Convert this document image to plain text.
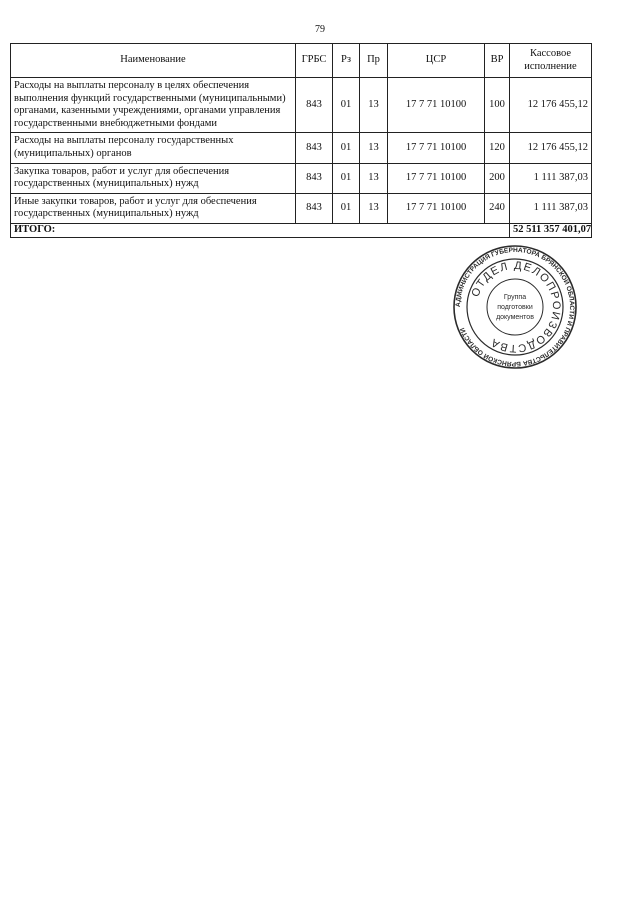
79
Наименование	ГРБС	Рз	Пр	ЦСР	ВР	Кассовое исполнение
Расходы на выплаты персоналу в целях обеспечения выполнения функций государственными (муниципальными) органами, казенными учреждениями, органами управления государственными внебюджетными фондами	843	01	13	17 7 71 10100	100	12 176 455,12
Расходы на выплаты персоналу государственных (муниципальных) органов	843	01	13	17 7 71 10100	120	12 176 455,12
Закупка товаров, работ и услуг для обеспечения государственных (муниципальных) нужд	843	01	13	17 7 71 10100	200	1 111 387,03
Иные закупки товаров, работ и услуг для обеспечения государственных (муниципальных) нужд	843	01	13	17 7 71 10100	240	1 111 387,03
ИТОГО:						52 511 357 401,07
АДМИНИСТРАЦИЯ ГУБЕРНАТОРА БРЯНСКОЙ ОБЛАСТИ И ПРАВИТЕЛЬСТВА БРЯНСКОЙ ОБЛАСТИ
ОТДЕЛ ДЕЛОПРОИЗВОДСТВА
Группа
подготовки
документов
